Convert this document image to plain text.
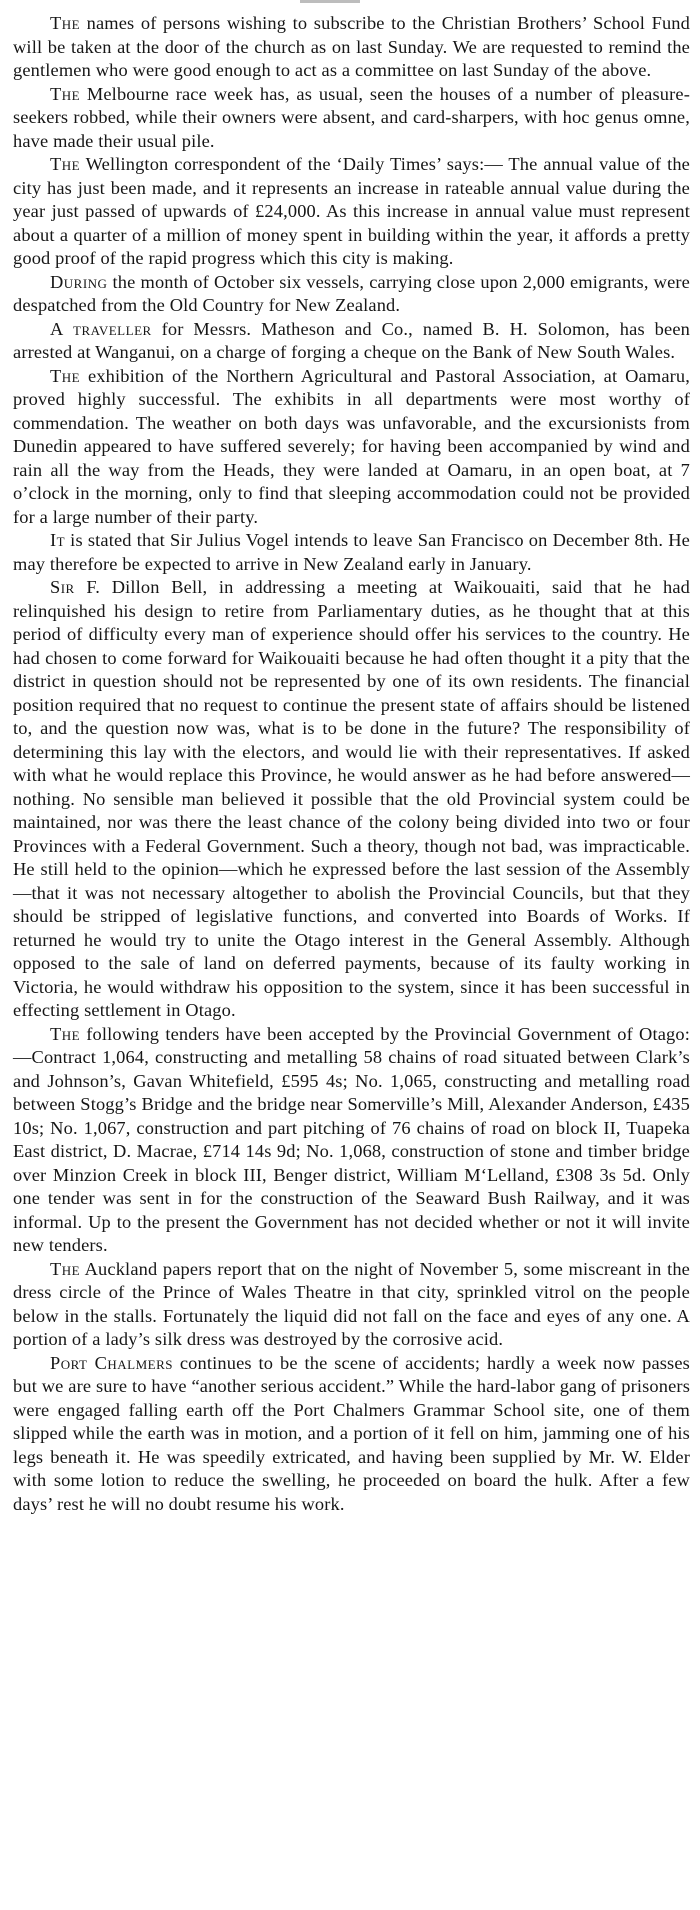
The names of persons wishing to subscribe to the Christian Brothers’ School Fund will be taken at the door of the church as on last Sunday. We are requested to remind the gentlemen who were good enough to act as a committee on last Sunday of the above.

The Melbourne race week has, as usual, seen the houses of a number of pleasure-seekers robbed, while their owners were absent, and card-sharpers, with hoc genus omne, have made their usual pile.

The Wellington correspondent of the ‘Daily Times’ says:— The annual value of the city has just been made, and it represents an increase in rateable annual value during the year just passed of upwards of £24,000. As this increase in annual value must represent about a quarter of a million of money spent in building within the year, it affords a pretty good proof of the rapid progress which this city is making.

During the month of October six vessels, carrying close upon 2,000 emigrants, were despatched from the Old Country for New Zealand.

A traveller for Messrs. Matheson and Co., named B. H. Solomon, has been arrested at Wanganui, on a charge of forging a cheque on the Bank of New South Wales.

The exhibition of the Northern Agricultural and Pastoral Association, at Oamaru, proved highly successful. The exhibits in all departments were most worthy of commendation. The weather on both days was unfavorable, and the excursionists from Dunedin appeared to have suffered severely; for having been accompanied by wind and rain all the way from the Heads, they were landed at Oamaru, in an open boat, at 7 o’clock in the morning, only to find that sleeping accommodation could not be provided for a large number of their party.

It is stated that Sir Julius Vogel intends to leave San Francisco on December 8th. He may therefore be expected to arrive in New Zealand early in January.

Sir F. Dillon Bell, in addressing a meeting at Waikouaiti, said that he had relinquished his design to retire from Parliamentary duties, as he thought that at this period of difficulty every man of experience should offer his services to the country. He had chosen to come forward for Waikouaiti because he had often thought it a pity that the district in question should not be represented by one of its own residents. The financial position required that no request to continue the present state of affairs should be listened to, and the question now was, what is to be done in the future? The responsibility of determining this lay with the electors, and would lie with their representatives. If asked with what he would replace this Province, he would answer as he had before answered— nothing. No sensible man believed it possible that the old Provincial system could be maintained, nor was there the least chance of the colony being divided into two or four Provinces with a Federal Government. Such a theory, though not bad, was impracticable. He still held to the opinion—which he expressed before the last session of the Assembly—that it was not necessary altogether to abolish the Provincial Councils, but that they should be stripped of legislative functions, and converted into Boards of Works. If returned he would try to unite the Otago interest in the General Assembly. Although opposed to the sale of land on deferred payments, because of its faulty working in Victoria, he would withdraw his opposition to the system, since it has been successful in effecting settlement in Otago.

The following tenders have been accepted by the Provincial Government of Otago:—Contract 1,064, constructing and metalling 58 chains of road situated between Clark’s and Johnson’s, Gavan Whitefield, £595 4s; No. 1,065, constructing and metalling road between Stogg’s Bridge and the bridge near Somerville’s Mill, Alexander Anderson, £435 10s; No. 1,067, construction and part pitching of 76 chains of road on block II, Tuapeka East district, D. Macrae, £714 14s 9d; No. 1,068, construction of stone and timber bridge over Minzion Creek in block III, Benger district, William M‘Lelland, £308 3s 5d. Only one tender was sent in for the construction of the Seaward Bush Railway, and it was informal. Up to the present the Government has not decided whether or not it will invite new tenders.

The Auckland papers report that on the night of November 5, some miscreant in the dress circle of the Prince of Wales Theatre in that city, sprinkled vitrol on the people below in the stalls. Fortunately the liquid did not fall on the face and eyes of any one. A portion of a lady’s silk dress was destroyed by the corrosive acid.

Port Chalmers continues to be the scene of accidents; hardly a week now passes but we are sure to have “another serious accident.” While the hard-labor gang of prisoners were engaged falling earth off the Port Chalmers Grammar School site, one of them slipped while the earth was in motion, and a portion of it fell on him, jamming one of his legs beneath it. He was speedily extricated, and having been supplied by Mr. W. Elder with some lotion to reduce the swelling, he proceeded on board the hulk. After a few days’ rest he will no doubt resume his work.
